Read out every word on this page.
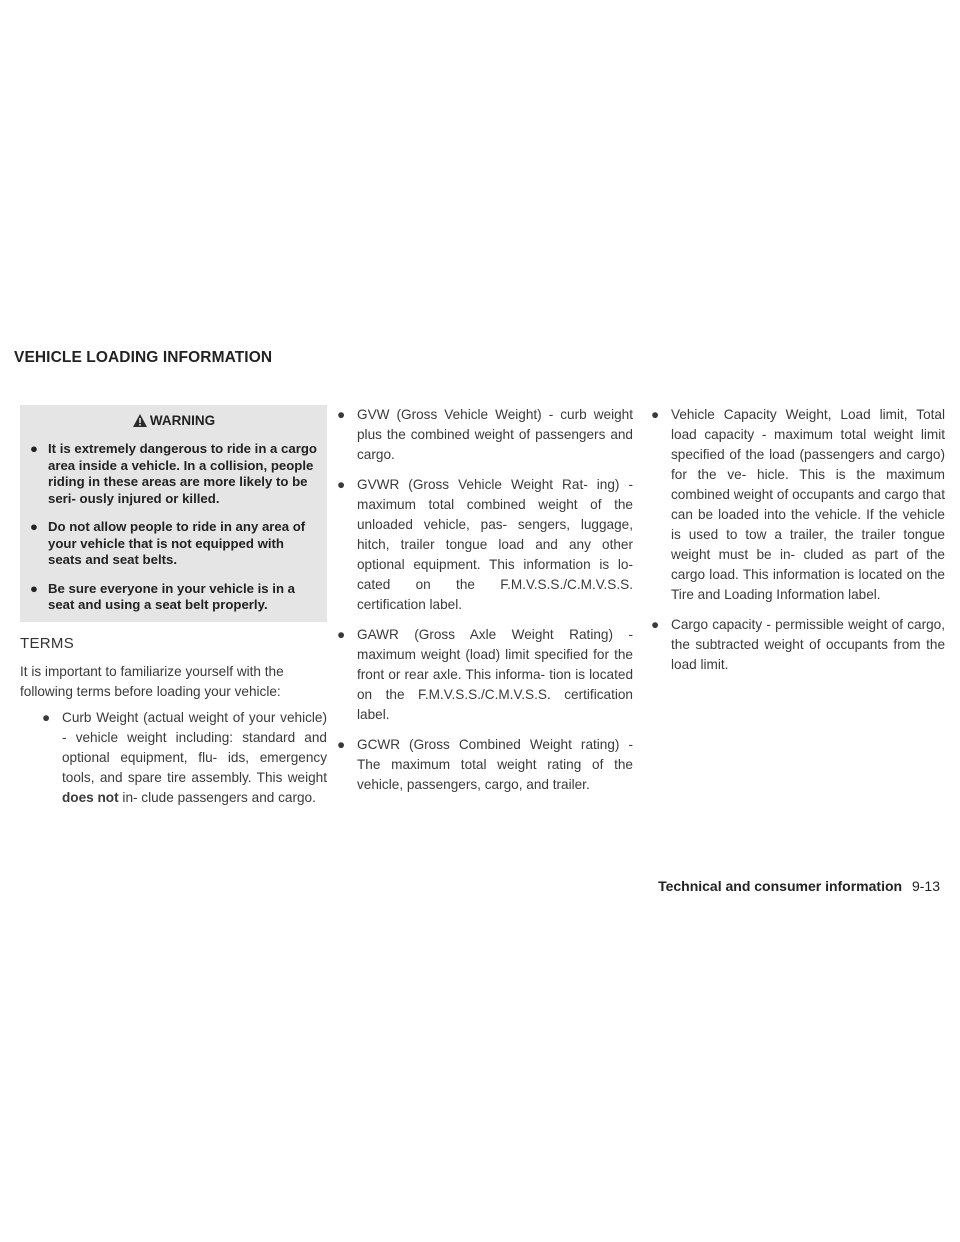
VEHICLE LOADING INFORMATION
WARNING
● It is extremely dangerous to ride in a cargo area inside a vehicle. In a collision, people riding in these areas are more likely to be seri- ously injured or killed.
● Do not allow people to ride in any area of your vehicle that is not equipped with seats and seat belts.
● Be sure everyone in your vehicle is in a seat and using a seat belt properly.
TERMS
It is important to familiarize yourself with the following terms before loading your vehicle:
● Curb Weight (actual weight of your vehicle) - vehicle weight including: standard and optional equipment, flu- ids, emergency tools, and spare tire assembly. This weight does not in- clude passengers and cargo.
● GVW (Gross Vehicle Weight) - curb weight plus the combined weight of passengers and cargo.
● GVWR (Gross Vehicle Weight Rat- ing) - maximum total combined weight of the unloaded vehicle, pas- sengers, luggage, hitch, trailer tongue load and any other optional equipment. This information is lo- cated on the F.M.V.S.S./C.M.V.S.S. certification label.
● GAWR (Gross Axle Weight Rating) - maximum weight (load) limit specified for the front or rear axle. This informa- tion is located on the F.M.V.S.S./C.M.V.S.S. certification label.
● GCWR (Gross Combined Weight rating) - The maximum total weight rating of the vehicle, passengers, cargo, and trailer.
● Vehicle Capacity Weight, Load limit, Total load capacity - maximum total weight limit specified of the load (passengers and cargo) for the ve- hicle. This is the maximum combined weight of occupants and cargo that can be loaded into the vehicle. If the vehicle is used to tow a trailer, the trailer tongue weight must be in- cluded as part of the cargo load. This information is located on the Tire and Loading Information label.
● Cargo capacity - permissible weight of cargo, the subtracted weight of occupants from the load limit.
Technical and consumer information 9-13
